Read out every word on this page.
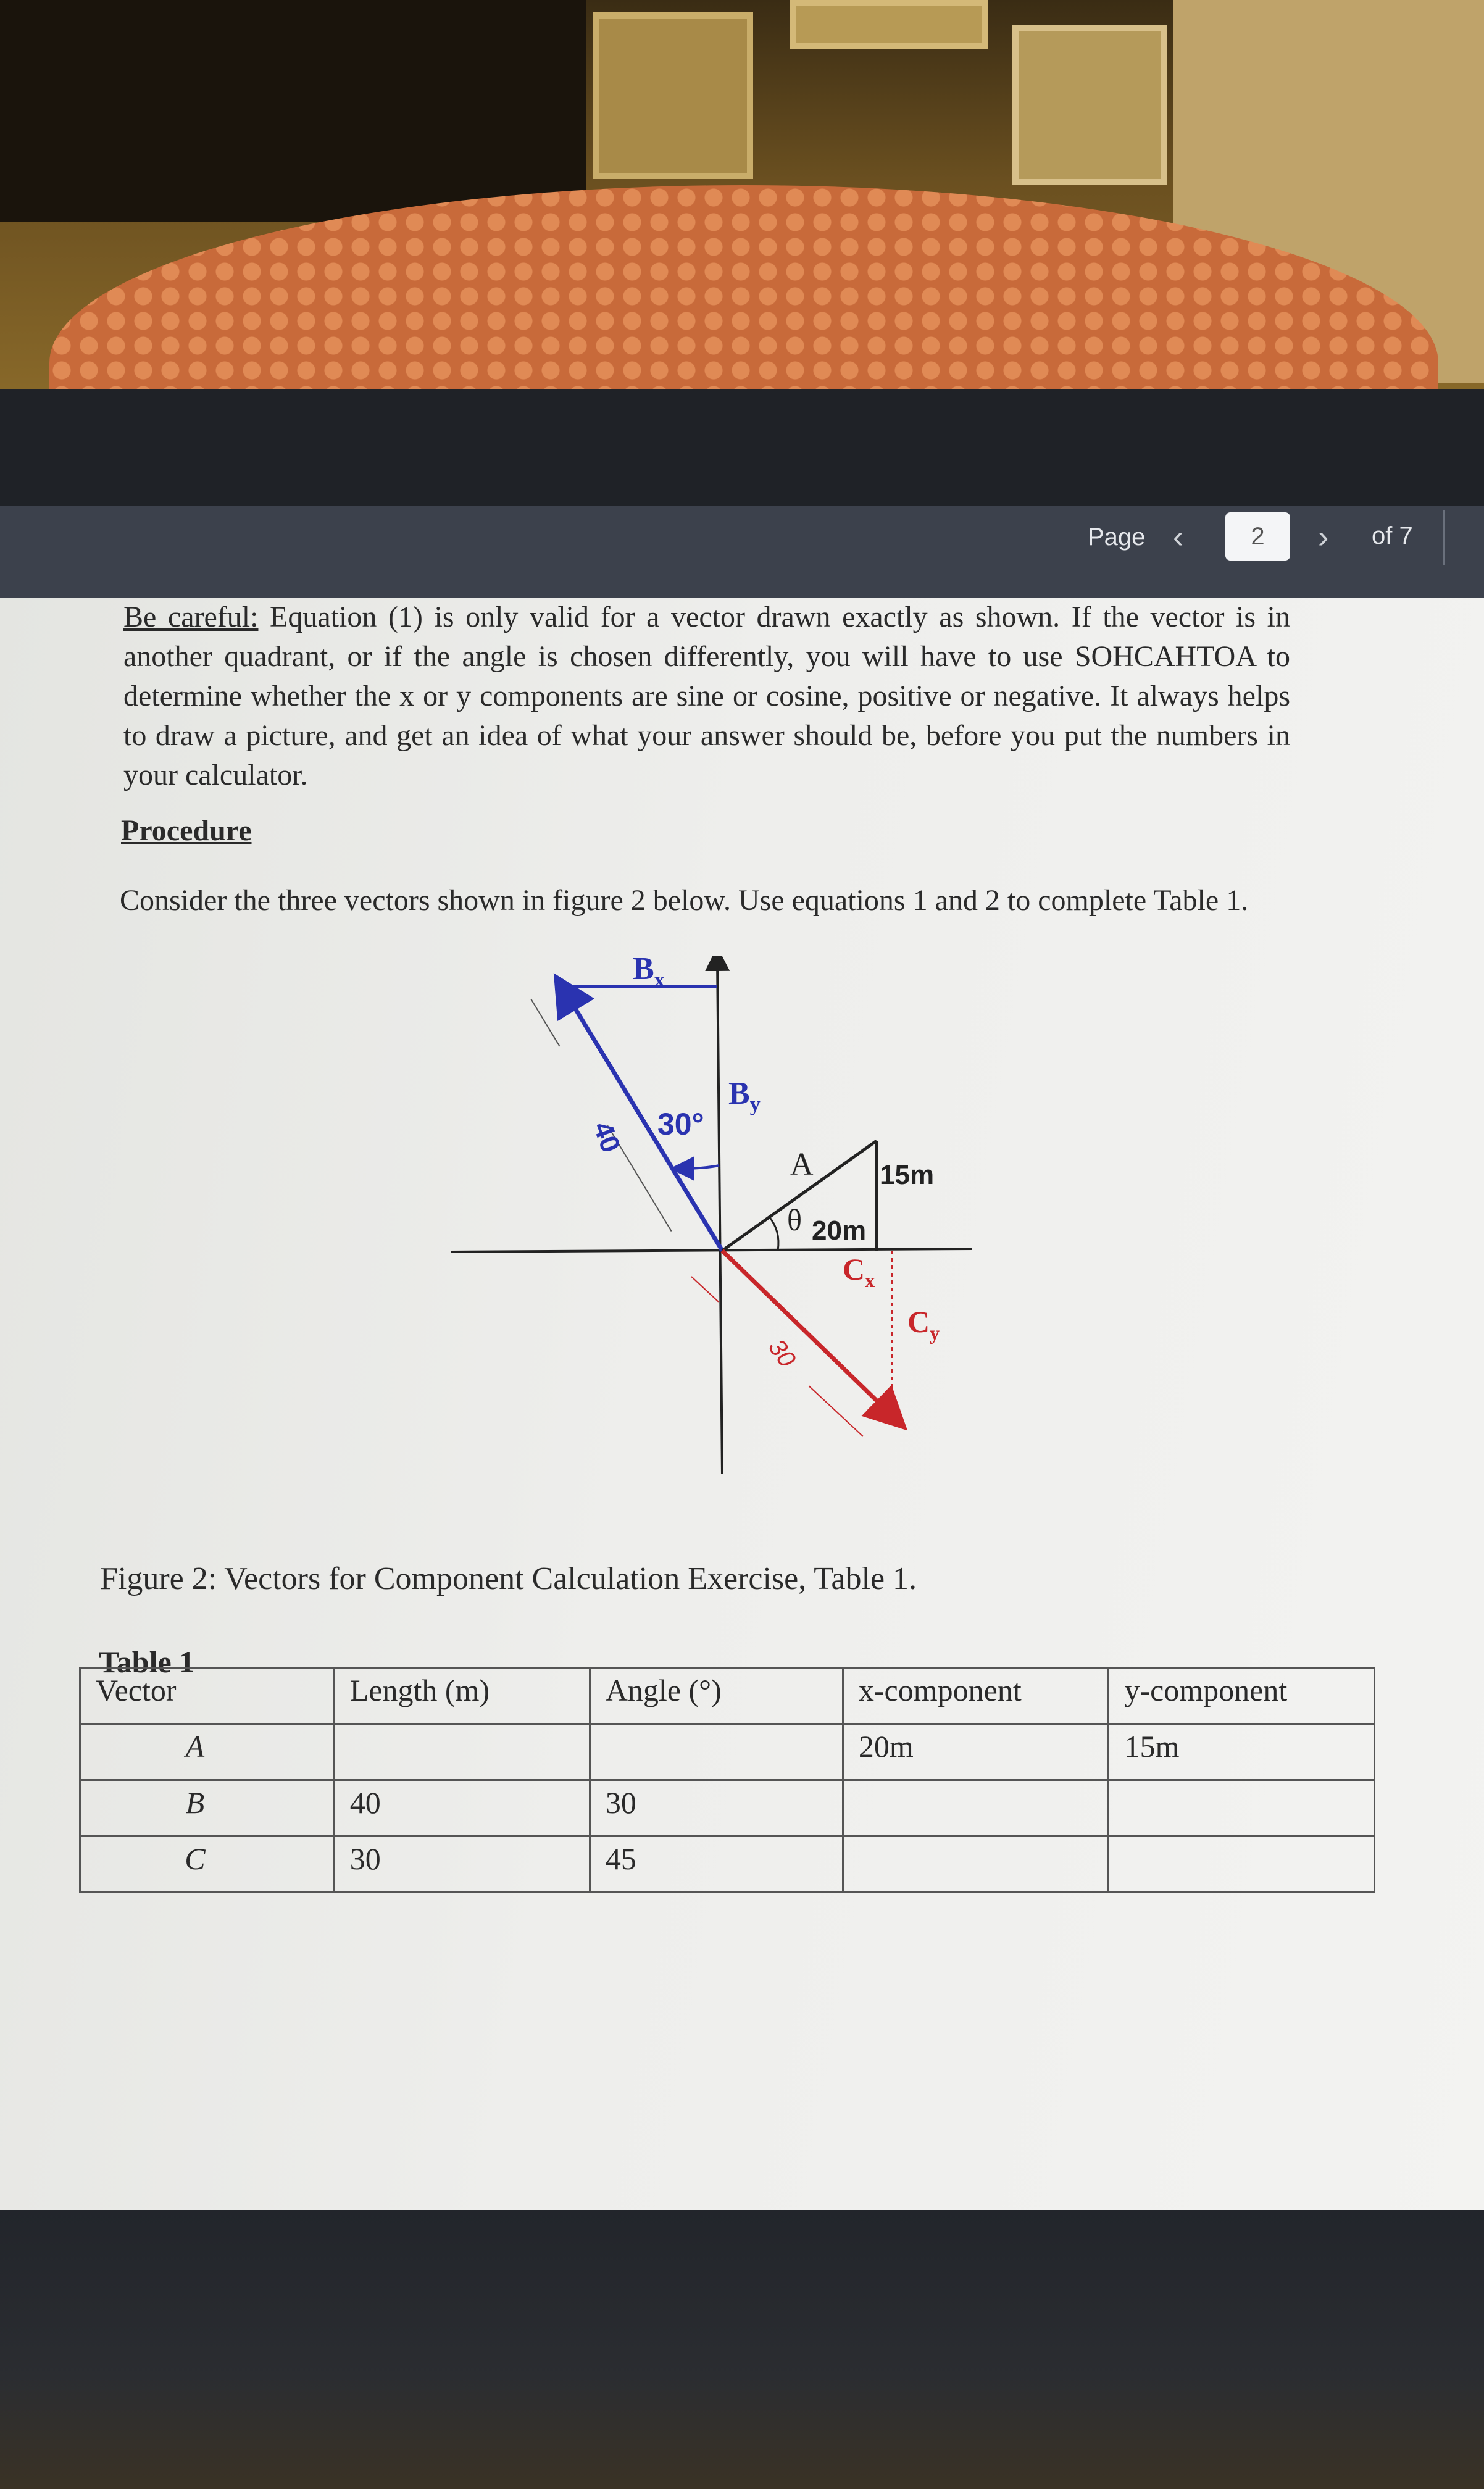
Page ‹	2	› of 7
Be careful: Equation (1) is only valid for a vector drawn exactly as shown. If the vector is in another quadrant, or if the angle is chosen differently, you will have to use SOHCAHTOA to determine whether the x or y components are sine or cosine, positive or negative. It always helps to draw a picture, and get an idea of what your answer should be, before you put the numbers in your calculator.
Procedure
Consider the three vectors shown in figure 2 below. Use equations 1 and 2 to complete Table 1.
$B_x$
$B_y$
40 30°
A
θ 20m
15m
$C_x$
$C_y$
30
Figure 2: Vectors for Component Calculation Exercise, Table 1.
Table 1
Vector	Length (m)	Angle (°)	x-component	y-component
A⃗			20m	15m
B⃗	40	30		
C⃗	30	45		
